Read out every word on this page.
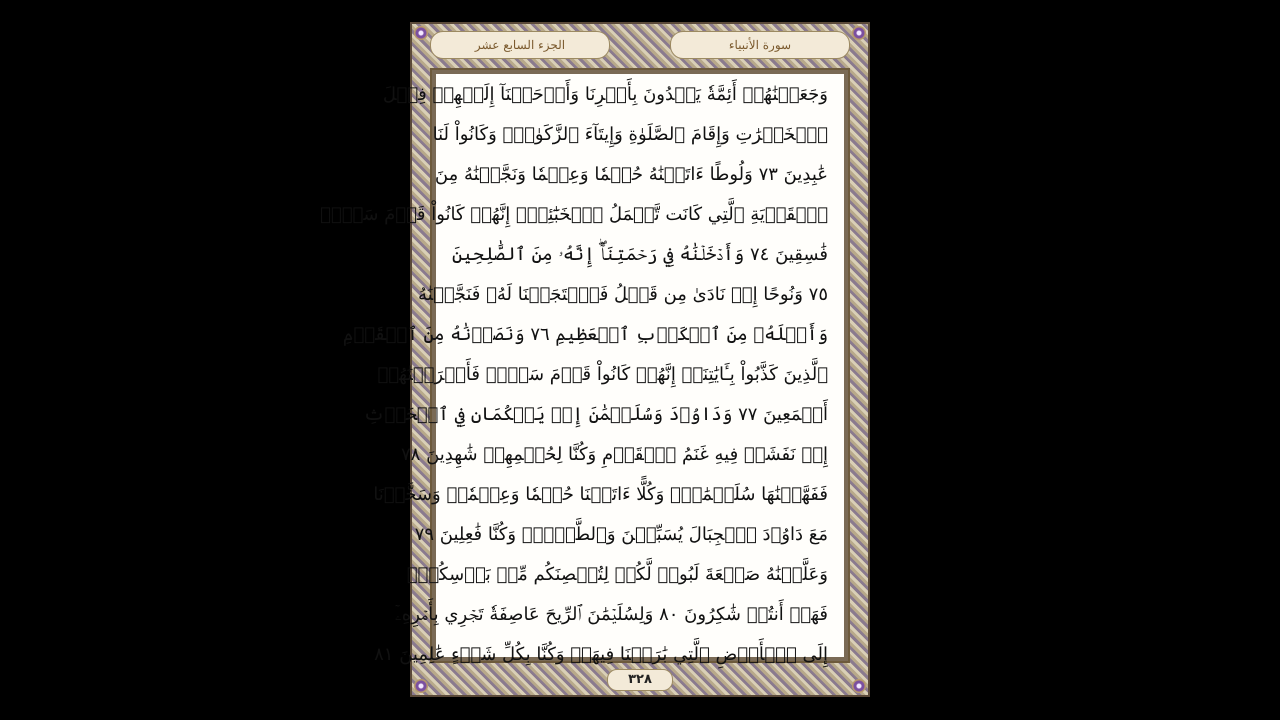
الجزء السابع عشر	سورة الأنبياء
وَجَعَلۡنَٰهُمۡ أَئِمَّةٗ يَهۡدُونَ بِأَمۡرِنَا وَأَوۡحَيۡنَآ إِلَيۡهِمۡ فِعۡلَ
ٱلۡخَيۡرَٰتِ وَإِقَامَ ٱلصَّلَوٰةِ وَإِيتَآءَ ٱلزَّكَوٰةِۖ وَكَانُواْ لَنَا
عَٰبِدِينَ ٧٣ وَلُوطًا ءَاتَيۡنَٰهُ حُكۡمٗا وَعِلۡمٗا وَنَجَّيۡنَٰهُ مِنَ
ٱلۡقَرۡيَةِ ٱلَّتِي كَانَت تَّعۡمَلُ ٱلۡخَبَٰٓئِثَۚ إِنَّهُمۡ كَانُواْ قَوۡمَ سَوۡءٖ
فَٰسِقِينَ ٧٤ وَأَدۡخَلۡنَٰهُ فِي رَحۡمَتِنَآۖ إِنَّهُۥ مِنَ ٱلصَّٰلِحِينَ
٧٥ وَنُوحًا إِذۡ نَادَىٰ مِن قَبۡلُ فَٱسۡتَجَبۡنَا لَهُۥ فَنَجَّيۡنَٰهُ
وَأَهۡلَهُۥ مِنَ ٱلۡكَرۡبِ ٱلۡعَظِيمِ ٧٦ وَنَصَرۡنَٰهُ مِنَ ٱلۡقَوۡمِ
ٱلَّذِينَ كَذَّبُواْ بِـَٔايَٰتِنَآۚ إِنَّهُمۡ كَانُواْ قَوۡمَ سَوۡءٖ فَأَغۡرَقۡنَٰهُمۡ
أَجۡمَعِينَ ٧٧ وَدَاوُۥدَ وَسُلَيۡمَٰنَ إِذۡ يَحۡكُمَانِ فِي ٱلۡحَرۡثِ
إِذۡ نَفَشَتۡ فِيهِ غَنَمُ ٱلۡقَوۡمِ وَكُنَّا لِحُكۡمِهِمۡ شَٰهِدِينَ ٧٨
فَفَهَّمۡنَٰهَا سُلَيۡمَٰنَۚ وَكُلًّا ءَاتَيۡنَا حُكۡمٗا وَعِلۡمٗاۚ وَسَخَّرۡنَا
مَعَ دَاوُۥدَ ٱلۡجِبَالَ يُسَبِّحۡنَ وَٱلطَّيۡرَۚ وَكُنَّا فَٰعِلِينَ ٧٩
وَعَلَّمۡنَٰهُ صَنۡعَةَ لَبُوسٖ لَّكُمۡ لِتُحۡصِنَكُم مِّنۢ بَأۡسِكُمۡۖ
فَهَلۡ أَنتُمۡ شَٰكِرُونَ ٨٠ وَلِسُلَيۡمَٰنَ ٱلرِّيحَ عَاصِفَةٗ تَجۡرِي بِأَمۡرِهِۦٓ
إِلَى ٱلۡأَرۡضِ ٱلَّتِي بَٰرَكۡنَا فِيهَاۚ وَكُنَّا بِكُلِّ شَيۡءٍ عَٰلِمِينَ ٨١
٣٢٨
